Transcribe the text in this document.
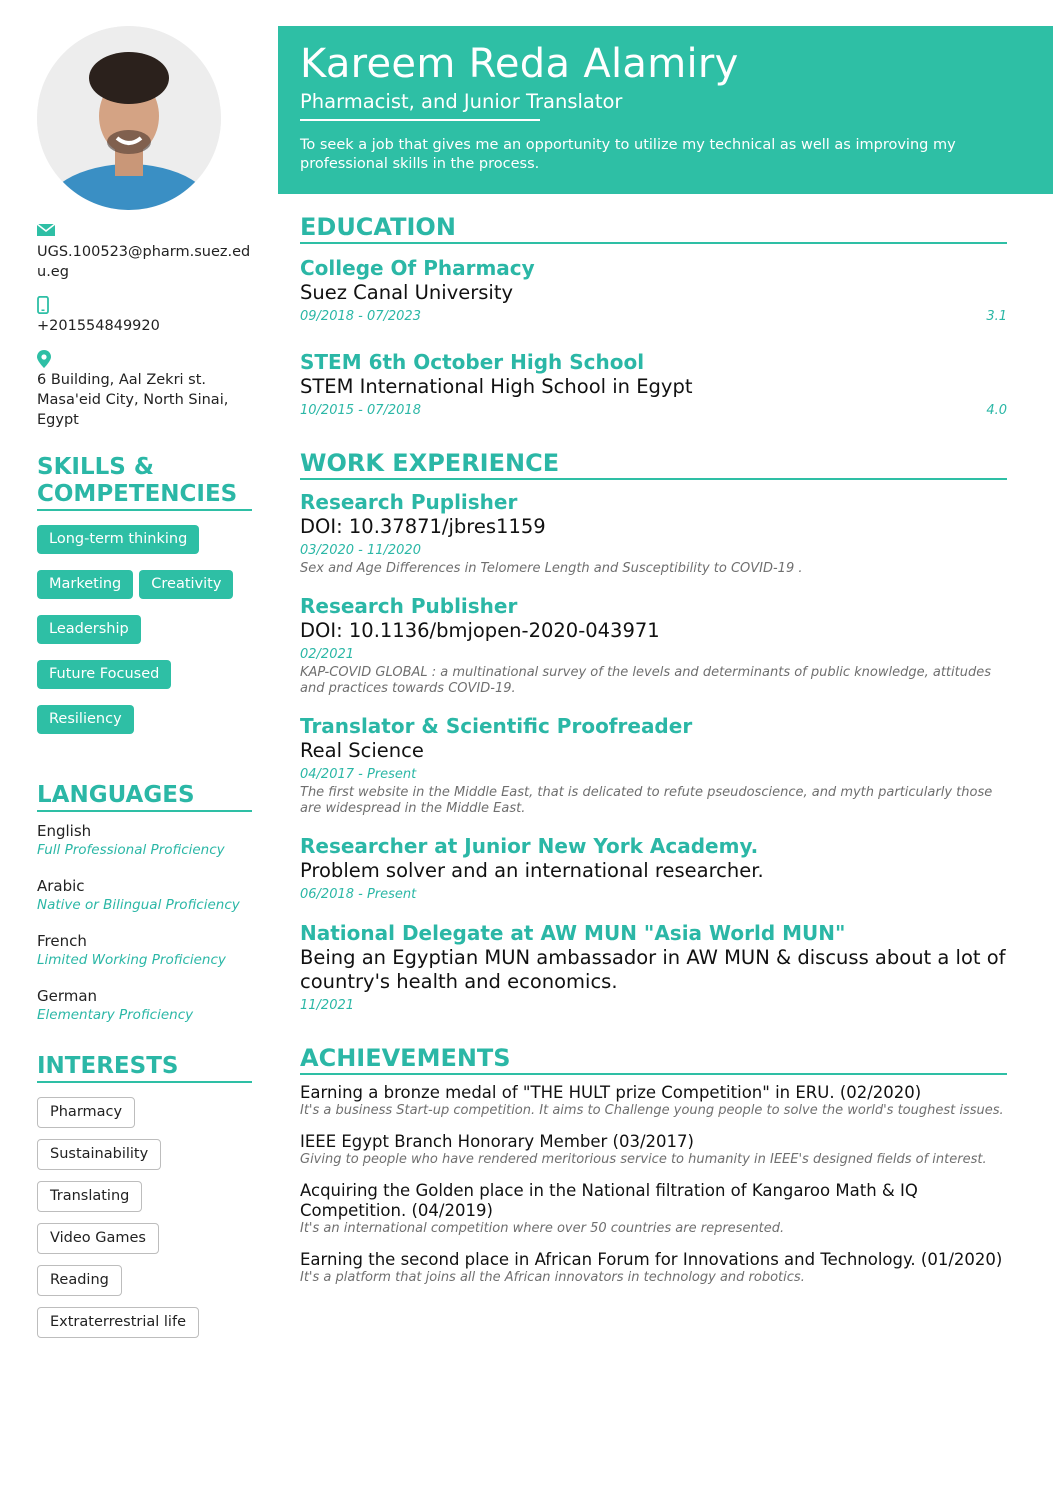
UGS.100523@pharm.suez.edu.eg
+201554849920
6 Building, Aal Zekri st. Masa'eid City, North Sinai, Egypt
SKILLS & COMPETENCIES
Long-term thinking
Marketing	Creativity
Leadership
Future Focused
Resiliency
LANGUAGES
English
Full Professional Proficiency
Arabic
Native or Bilingual Proficiency
French
Limited Working Proficiency
German
Elementary Proficiency
INTERESTS
Pharmacy
Sustainability
Translating
Video Games
Reading
Extraterrestrial life
Kareem Reda Alamiry
Pharmacist, and Junior Translator
To seek a job that gives me an opportunity to utilize my technical as well as improving my professional skills in the process.
EDUCATION
College Of Pharmacy
Suez Canal University
09/2018 - 07/2023	3.1
STEM 6th October High School
STEM International High School in Egypt
10/2015 - 07/2018	4.0
WORK EXPERIENCE
Research Puplisher
DOI: 10.37871/jbres1159
03/2020 - 11/2020
Sex and Age Differences in Telomere Length and Susceptibility to COVID-19 .
Research Publisher
DOI: 10.1136/bmjopen-2020-043971
02/2021
KAP-COVID GLOBAL : a multinational survey of the levels and determinants of public knowledge, attitudes and practices towards COVID-19.
Translator & Scientific Proofreader
Real Science
04/2017 - Present
The first website in the Middle East, that is delicated to refute pseudoscience, and myth particularly those are widespread in the Middle East.
Researcher at Junior New York Academy.
Problem solver and an international researcher.
06/2018 - Present
National Delegate at AW MUN "Asia World MUN"
Being an Egyptian MUN ambassador in AW MUN & discuss about a lot of country's health and economics.
11/2021
ACHIEVEMENTS
Earning a bronze medal of "THE HULT prize Competition" in ERU. (02/2020)
It's a business Start-up competition. It aims to Challenge young people to solve the world's toughest issues.
IEEE Egypt Branch Honorary Member (03/2017)
Giving to people who have rendered meritorious service to humanity in IEEE's designed fields of interest.
Acquiring the Golden place in the National filtration of Kangaroo Math & IQ Competition. (04/2019)
It's an international competition where over 50 countries are represented.
Earning the second place in African Forum for Innovations and Technology. (01/2020)
It's a platform that joins all the African innovators in technology and robotics.
